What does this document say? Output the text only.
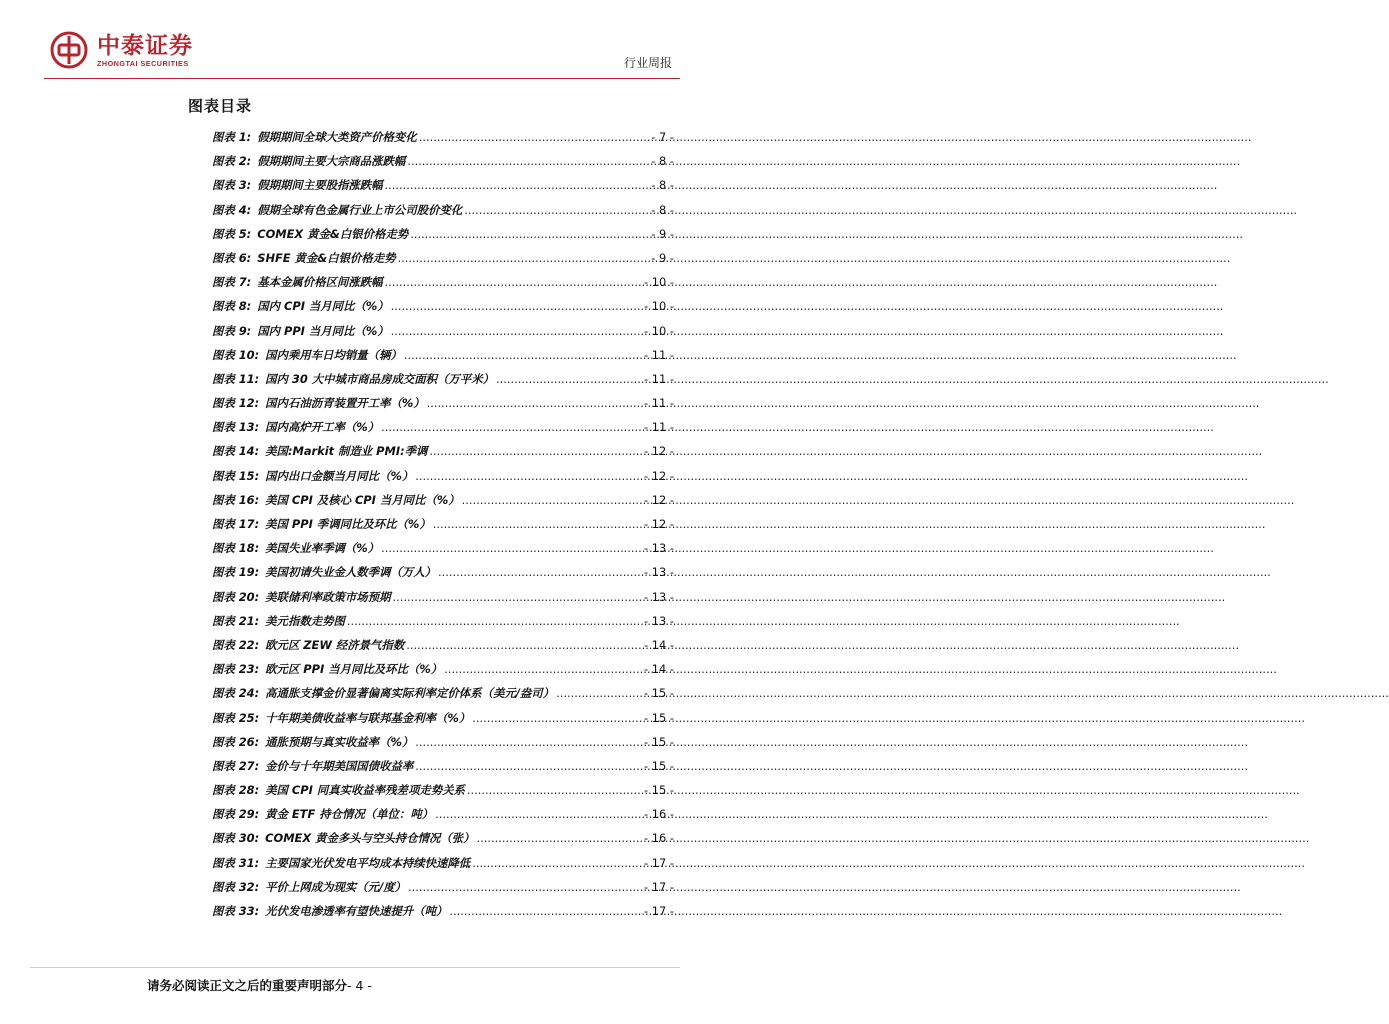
中泰证券
ZHONGTAI SECURITIES	行业周报
图表目录
图表 1: 假期期间全球大类资产价格变化 .....	- 7 -
图表 2: 假期期间主要大宗商品涨跌幅 .....	- 8 -
图表 3: 假期期间主要股指涨跌幅 .....	- 8 -
图表 4: 假期全球有色金属行业上市公司股价变化 .....	- 8 -
图表 5: COMEX 黄金&白银价格走势 .....	- 9 -
图表 6: SHFE 黄金&白银价格走势 .....	- 9 -
图表 7: 基本金属价格区间涨跌幅 .....	- 10 -
图表 8: 国内 CPI 当月同比（%） .....	- 10 -
图表 9: 国内 PPI 当月同比（%） .....	- 10 -
图表 10: 国内乘用车日均销量（辆） .....	- 11 -
图表 11: 国内 30 大中城市商品房成交面积（万平米） .....	- 11 -
图表 12: 国内石油沥青装置开工率（%） .....	- 11 -
图表 13: 国内高炉开工率（%） .....	- 11 -
图表 14: 美国:Markit 制造业 PMI:季调 .....	- 12 -
图表 15: 国内出口金额当月同比（%） .....	- 12 -
图表 16: 美国 CPI 及核心 CPI 当月同比（%） .....	- 12 -
图表 17: 美国 PPI 季调同比及环比（%） .....	- 12 -
图表 18: 美国失业率季调（%） .....	- 13 -
图表 19: 美国初请失业金人数季调（万人） .....	- 13 -
图表 20: 美联储利率政策市场预期 .....	- 13 -
图表 21: 美元指数走势图 .....	- 13 -
图表 22: 欧元区 ZEW 经济景气指数 .....	- 14 -
图表 23: 欧元区 PPI 当月同比及环比（%） .....	- 14 -
图表 24: 高通胀支撑金价显著偏离实际利率定价体系（美元/盎司） .....	- 15 -
图表 25: 十年期美债收益率与联邦基金利率（%） .....	- 15 -
图表 26: 通胀预期与真实收益率（%） .....	- 15 -
图表 27: 金价与十年期美国国债收益率 .....	- 15 -
图表 28: 美国 CPI 同真实收益率残差项走势关系 .....	- 15 -
图表 29: 黄金 ETF 持仓情况（单位：吨） .....	- 16 -
图表 30: COMEX 黄金多头与空头持仓情况（张） .....	- 16 -
图表 31: 主要国家光伏发电平均成本持续快速降低 .....	- 17 -
图表 32: 平价上网成为现实（元/度） .....	- 17 -
图表 33: 光伏发电渗透率有望快速提升（吨） .....	- 17 -
请务必阅读正文之后的重要声明部分- 4 -
